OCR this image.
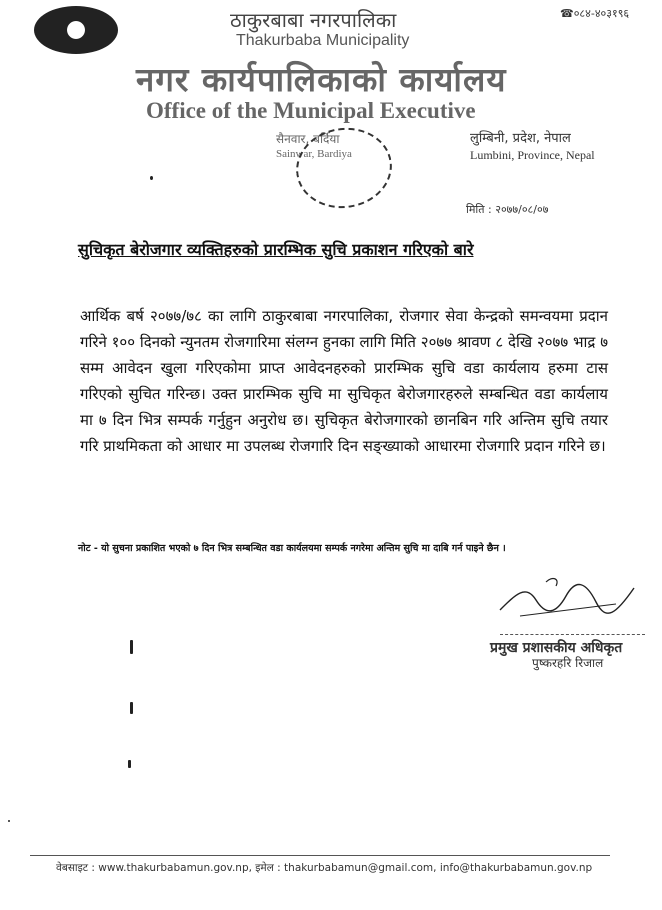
☎०८४-४०३१९६
ठाकुरबाबा नगरपालिका
Thakurbaba Municipality
नगर कार्यपालिकाको कार्यालय
Office of the Municipal Executive
सैनवार, बर्दिया
Sainwar, Bardiya
लुम्बिनी, प्रदेश, नेपाल
Lumbini, Province, Nepal
मिति : २०७७/०८/०७
सुचिकृत बेरोजगार व्यक्तिहरुको प्रारम्भिक सुचि प्रकाशन गरिएको बारे
आर्थिक बर्ष २०७७/७८ का लागि ठाकुरबाबा नगरपालिका, रोजगार सेवा केन्द्रको समन्वयमा प्रदान गरिने १०० दिनको न्युनतम रोजगारिमा संलग्न हुनका लागि मिति २०७७ श्रावण ८ देखि २०७७ भाद्र ७ सम्म आवेदन खुला गरिएकोमा प्राप्त आवेदनहरुको प्रारम्भिक सुचि वडा कार्यलाय हरुमा टास गरिएको सुचित गरिन्छ। उक्त प्रारम्भिक सुचि मा सुचिकृत बेरोजगारहरुले सम्बन्धित वडा कार्यलाय मा ७ दिन भित्र सम्पर्क गर्नुहुन अनुरोध छ। सुचिकृत बेरोजगारको छानबिन गरि अन्तिम सुचि तयार गरि प्राथमिकता को आधार मा उपलब्ध रोजगारि दिन सङ्ख्याको आधारमा रोजगारि प्रदान गरिने छ।
नोट - यो सुचना प्रकाशित भएको ७ दिन भित्र सम्बन्धित वडा कार्यलयमा सम्पर्क नगरेमा अन्तिम सुचि मा दाबि गर्न पाइने छैन ।
प्रमुख प्रशासकीय अधिकृत
पुष्करहरि रिजाल
वेबसाइट : www.thakurbabamun.gov.np, इमेल : thakurbabamun@gmail.com, info@thakurbabamun.gov.np
